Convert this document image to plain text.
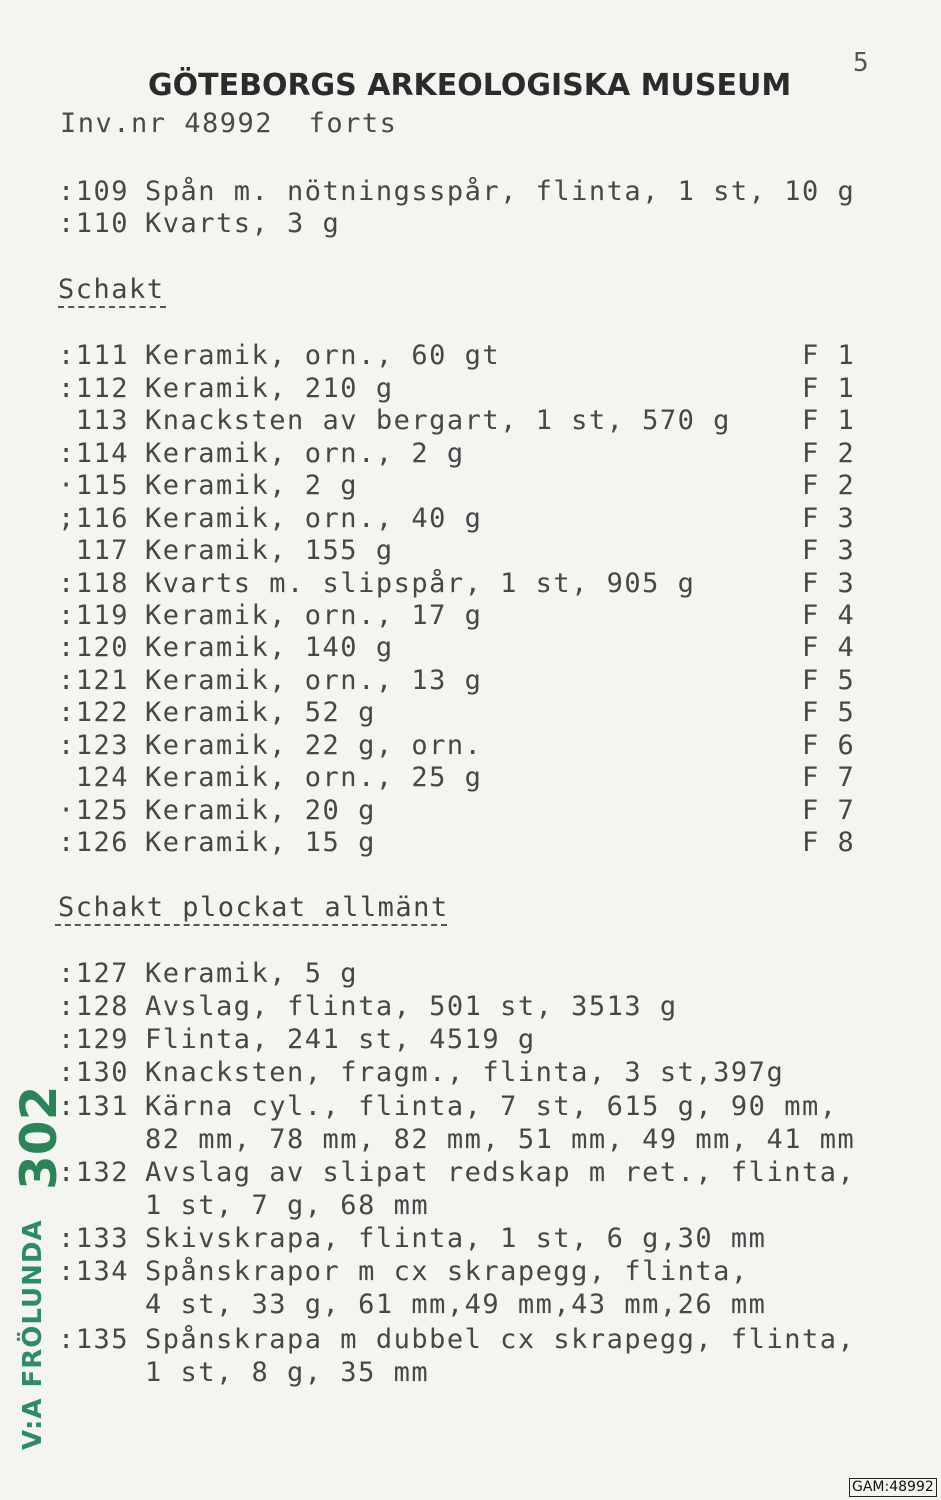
5
GÖTEBORGS ARKEOLOGISKA MUSEUM
Inv.nr 48992  forts
:109 Spån m. nötningsspår, flinta, 1 st, 10 g
:110 Kvarts, 3 g
Schakt
:111 Keramik, orn., 60 gt	F 1
:112 Keramik, 210 g	F 1
113 Knacksten av bergart, 1 st, 570 g	F 1
:114 Keramik, orn., 2 g	F 2
·115 Keramik, 2 g	F 2
;116 Keramik, orn., 40 g	F 3
117 Keramik, 155 g	F 3
:118 Kvarts m. slipspår, 1 st, 905 g	F 3
:119 Keramik, orn., 17 g	F 4
:120 Keramik, 140 g	F 4
:121 Keramik, orn., 13 g	F 5
:122 Keramik, 52 g	F 5
:123 Keramik, 22 g, orn.	F 6
124 Keramik, orn., 25 g	F 7
·125 Keramik, 20 g	F 7
:126 Keramik, 15 g	F 8
Schakt plockat allmänt
:127 Keramik, 5 g
:128 Avslag, flinta, 501 st, 3513 g
:129 Flinta, 241 st, 4519 g
:130 Knacksten, fragm., flinta, 3 st,397g
:131 Kärna cyl., flinta, 7 st, 615 g, 90 mm,
82 mm, 78 mm, 82 mm, 51 mm, 49 mm, 41 mm
:132 Avslag av slipat redskap m ret., flinta,
1 st, 7 g, 68 mm
:133 Skivskrapa, flinta, 1 st, 6 g,30 mm
:134 Spånskrapor m cx skrapegg, flinta,
4 st, 33 g, 61 mm,49 mm,43 mm,26 mm
:135 Spånskrapa m dubbel cx skrapegg, flinta,
1 st, 8 g, 35 mm
V:A FRÖLUNDA
302
GAM:48992
